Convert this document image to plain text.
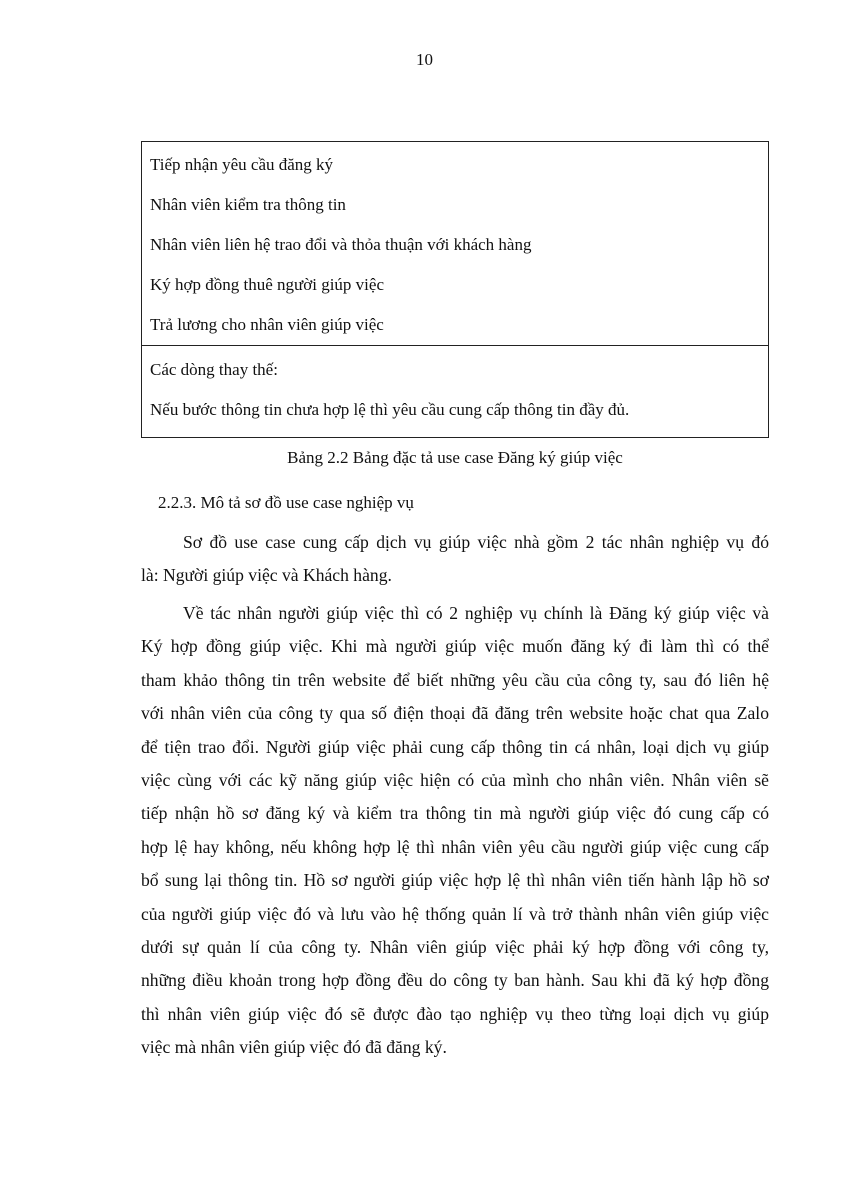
10
Tiếp nhận yêu cầu đăng ký
Nhân viên kiểm tra thông tin
Nhân viên liên hệ trao đổi và thỏa thuận với khách hàng
Ký hợp đồng thuê người giúp việc
Trả lương cho nhân viên giúp việc
Các dòng thay thế:
Nếu bước thông tin chưa hợp lệ thì yêu cầu cung cấp thông tin đầy đủ.
Bảng 2.2 Bảng đặc tả use case Đăng ký giúp việc
2.2.3. Mô tả sơ đồ use case nghiệp vụ
Sơ đồ use case cung cấp dịch vụ giúp việc nhà gồm 2 tác nhân nghiệp vụ đó
là: Người giúp việc và Khách hàng.
Về tác nhân người giúp việc thì có 2 nghiệp vụ chính là Đăng ký giúp việc và
Ký hợp đồng giúp việc. Khi mà người giúp việc muốn đăng ký đi làm thì có thể
tham khảo thông tin trên website để biết những yêu cầu của công ty, sau đó liên hệ
với nhân viên của công ty qua số điện thoại đã đăng trên website hoặc chat qua Zalo
để tiện trao đổi. Người giúp việc phải cung cấp thông tin cá nhân, loại dịch vụ giúp
việc cùng với các kỹ năng giúp việc hiện có của mình cho nhân viên. Nhân viên sẽ
tiếp nhận hồ sơ đăng ký và kiểm tra thông tin mà người giúp việc đó cung cấp có
hợp lệ hay không, nếu không hợp lệ thì nhân viên yêu cầu người giúp việc cung cấp
bổ sung lại thông tin. Hồ sơ người giúp việc hợp lệ thì nhân viên tiến hành lập hồ sơ
của người giúp việc đó và lưu vào hệ thống quản lí và trở thành nhân viên giúp việc
dưới sự quản lí của công ty. Nhân viên giúp việc phải ký hợp đồng với công ty,
những điều khoản trong hợp đồng đều do công ty ban hành. Sau khi đã ký hợp đồng
thì nhân viên giúp việc đó sẽ được đào tạo nghiệp vụ theo từng loại dịch vụ giúp
việc mà nhân viên giúp việc đó đã đăng ký.
